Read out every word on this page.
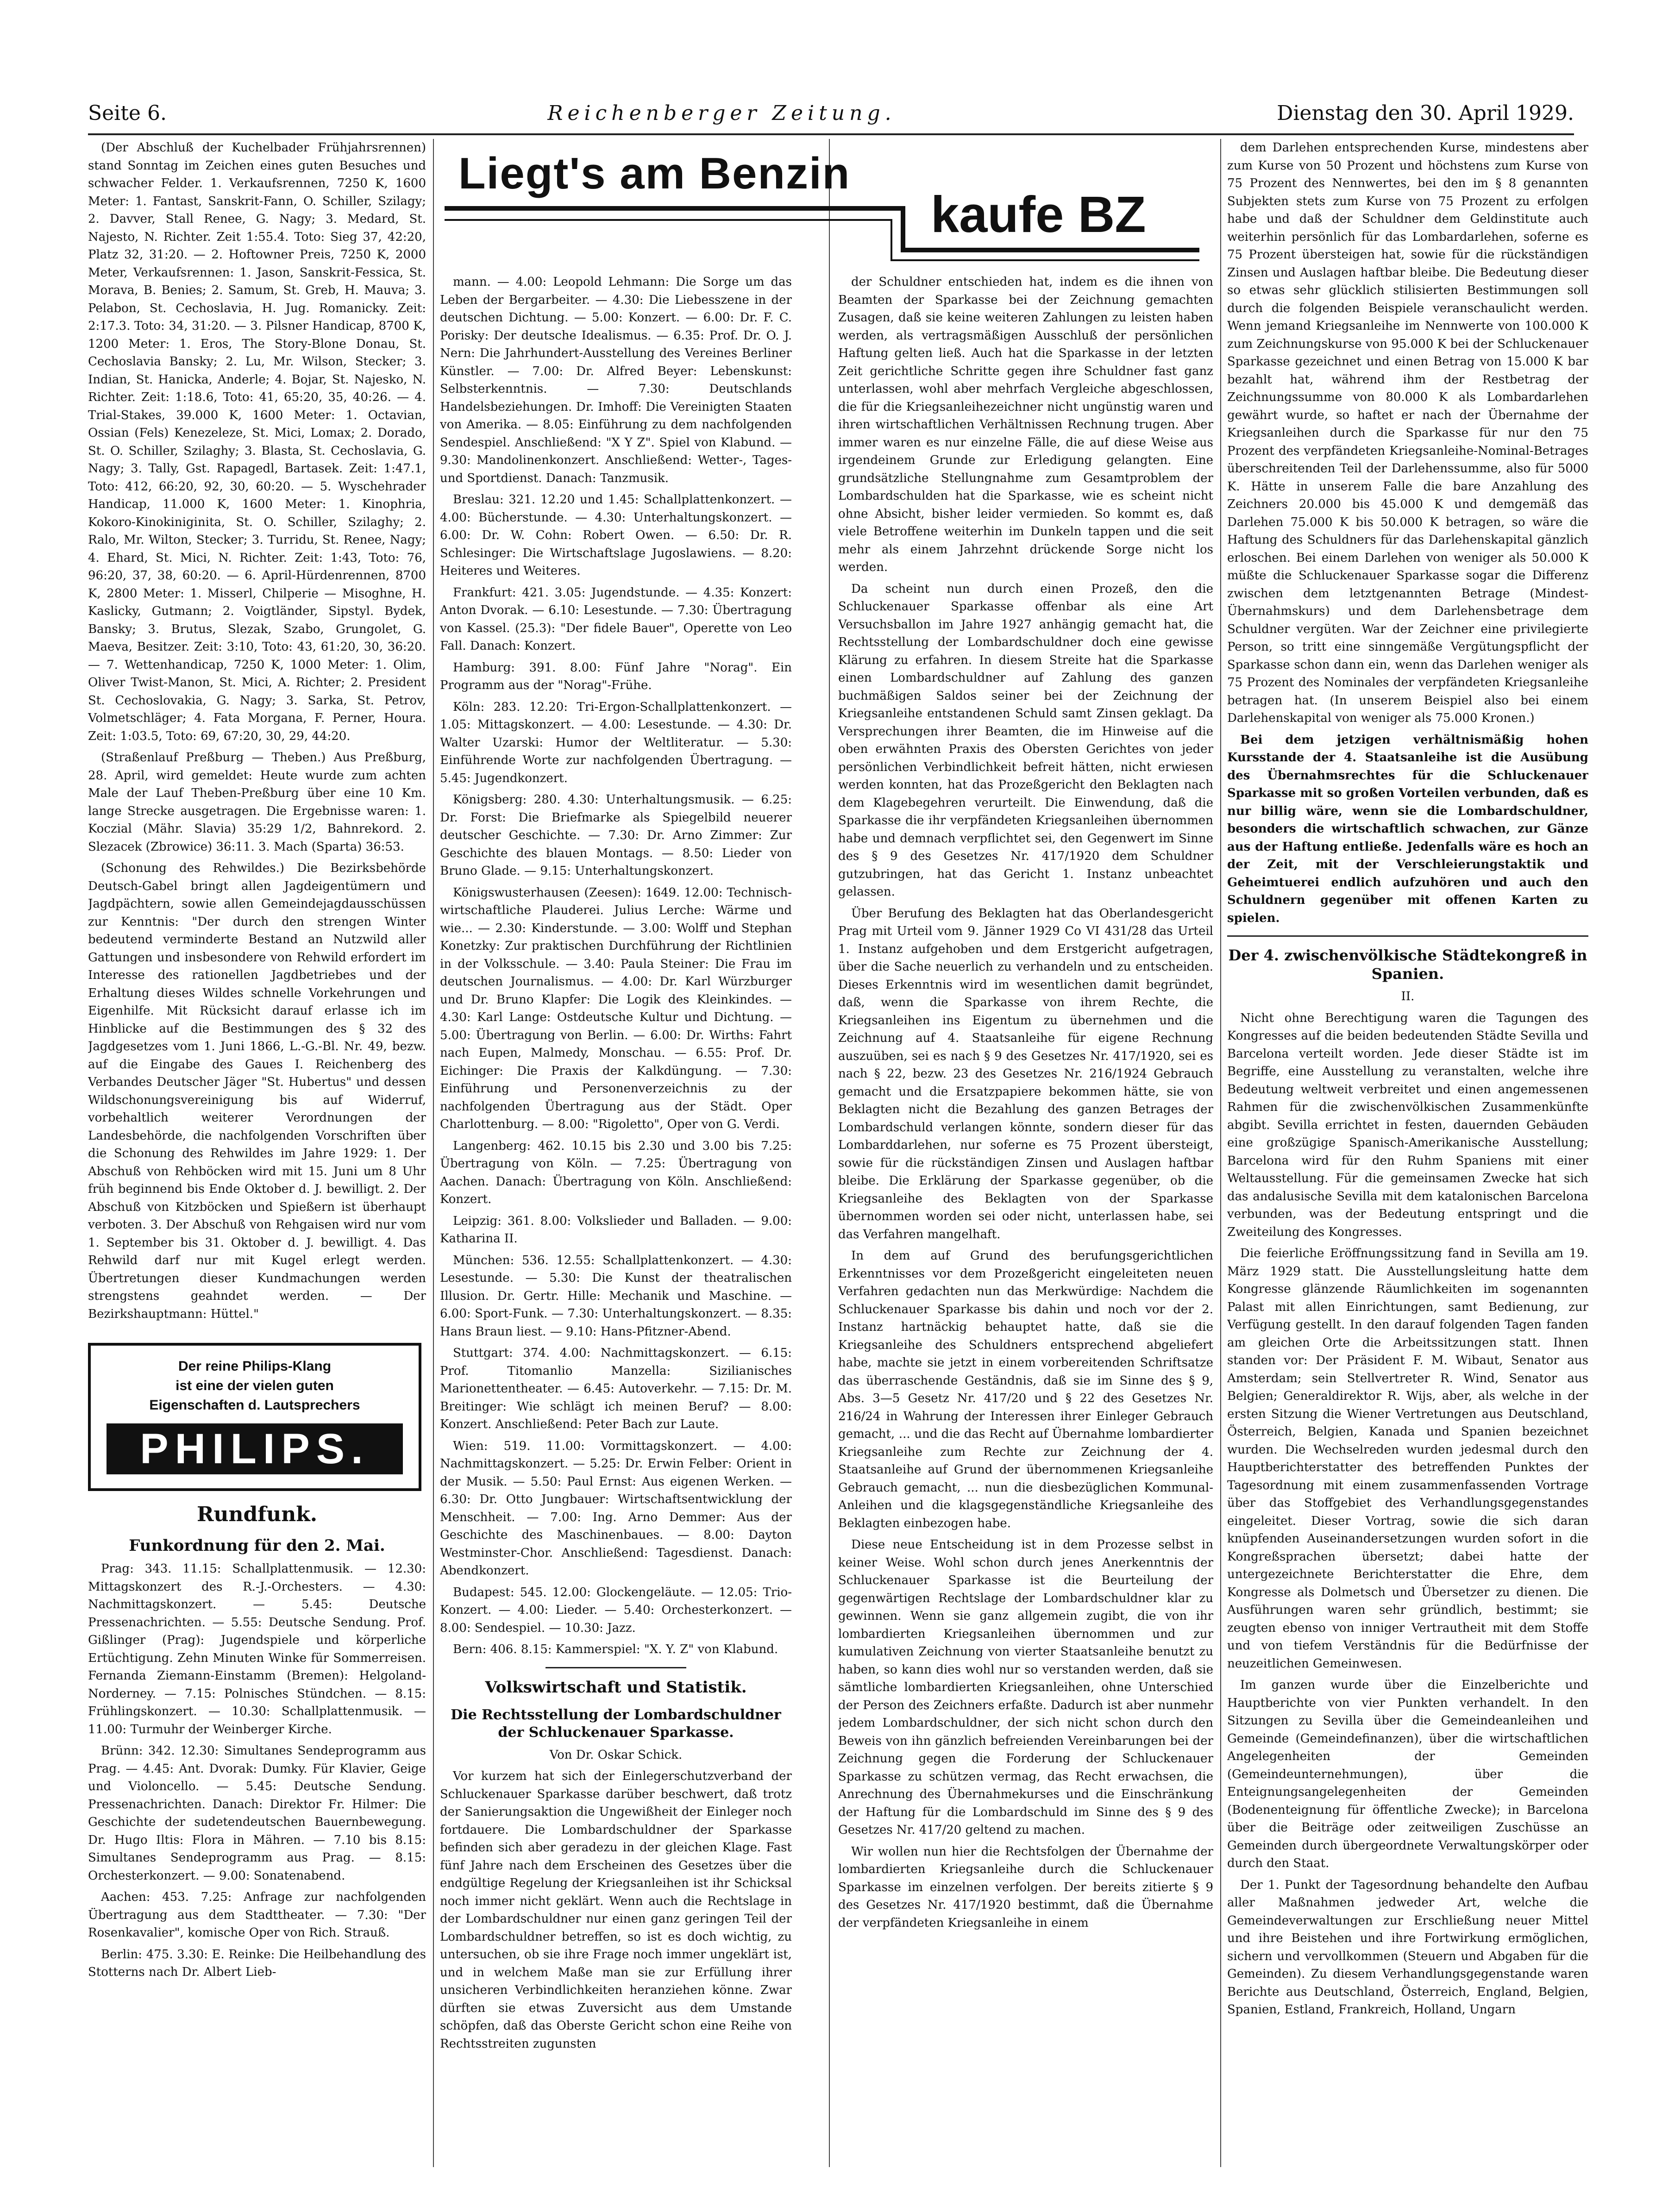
Seite 6.	Reichenberger Zeitung.	Dienstag den 30. April 1929.

(Der Abschluß der Kuchelbader Frühjahrsrennen) stand Sonntag im Zeichen eines guten Besuches und schwacher Felder. 1. Verkaufsrennen, 7250 K, 1600 Meter: 1. Fantast, Sanskrit-Fann, O. Schiller, Szilagy; 2. Davver, Stall Renee, G. Nagy; 3. Medard, St. Najesto, N. Richter. Zeit 1:55.4. Toto: Sieg 37, 42:20, Platz 32, 31:20. — 2. Hoftowner Preis, 7250 K, 2000 Meter, Verkaufsrennen: 1. Jason, Sanskrit-Fessica, St. Morava, B. Benies; 2. Samum, St. Greb, H. Mauva; 3. Pelabon, St. Cechoslavia, H. Jug. Romanicky. Zeit: 2:17.3. Toto: 34, 31:20. — 3. Pilsner Handicap, 8700 K, 1200 Meter: 1. Eros, The Story-Blone Donau, St. Cechoslavia Bansky; 2. Lu, Mr. Wilson, Stecker; 3. Indian, St. Hanicka, Anderle; 4. Bojar, St. Najesko, N. Richter. Zeit: 1:18.6, Toto: 41, 65:20, 35, 40:26. — 4. Trial-Stakes, 39.000 K, 1600 Meter: 1. Octavian, Ossian (Fels) Kenezeleze, St. Mici, Lomax; 2. Dorado, St. O. Schiller, Szilaghy; 3. Blasta, St. Cechoslavia, G. Nagy; 3. Tally, Gst. Rapagedl, Bartasek. Zeit: 1:47.1, Toto: 412, 66:20, 92, 30, 60:20. — 5. Wyschehrader Handicap, 11.000 K, 1600 Meter: 1. Kinophria, Kokoro-Kinokiniginita, St. O. Schiller, Szilaghy; 2. Ralo, Mr. Wilton, Stecker; 3. Turridu, St. Renee, Nagy; 4. Ehard, St. Mici, N. Richter. Zeit: 1:43, Toto: 76, 96:20, 37, 38, 60:20. — 6. April-Hürdenrennen, 8700 K, 2800 Meter: 1. Misserl, Chilperie — Misoghne, H. Kaslicky, Gutmann; 2. Voigtländer, Sipstyl. Bydek, Bansky; 3. Brutus, Slezak, Szabo, Grungolet, G. Maeva, Besitzer. Zeit: 3:10, Toto: 43, 61:20, 30, 36:20. — 7. Wettenhandicap, 7250 K, 1000 Meter: 1. Olim, Oliver Twist-Manon, St. Mici, A. Richter; 2. President St. Cechoslovakia, G. Nagy; 3. Sarka, St. Petrov, Volmetschläger; 4. Fata Morgana, F. Perner, Houra. Zeit: 1:03.5, Toto: 69, 67:20, 30, 29, 44:20.

(Straßenlauf Preßburg — Theben.) Aus Preßburg, 28. April, wird gemeldet: Heute wurde zum achten Male der Lauf Theben-Preßburg über eine 10 Km. lange Strecke ausgetragen. Die Ergebnisse waren: 1. Koczial (Mähr. Slavia) 35:29 1/2, Bahnrekord. 2. Slezacek (Zbrowice) 36:11. 3. Mach (Sparta) 36:53.

(Schonung des Rehwildes.) Die Bezirksbehörde Deutsch-Gabel bringt allen Jagdeigentümern und Jagdpächtern, sowie allen Gemeindejagdausschüssen zur Kenntnis: "Der durch den strengen Winter bedeutend verminderte Bestand an Nutzwild aller Gattungen und insbesondere von Rehwild erfordert im Interesse des rationellen Jagdbetriebes und der Erhaltung dieses Wildes schnelle Vorkehrungen und Eigenhilfe. Mit Rücksicht darauf erlasse ich im Hinblicke auf die Bestimmungen des § 32 des Jagdgesetzes vom 1. Juni 1866, L.-G.-Bl. Nr. 49, bezw. auf die Eingabe des Gaues I. Reichenberg des Verbandes Deutscher Jäger "St. Hubertus" und dessen Wildschonungsvereinigung bis auf Widerruf, vorbehaltlich weiterer Verordnungen der Landesbehörde, die nachfolgenden Vorschriften über die Schonung des Rehwildes im Jahre 1929: 1. Der Abschuß von Rehböcken wird mit 15. Juni um 8 Uhr früh beginnend bis Ende Oktober d. J. bewilligt. 2. Der Abschuß von Kitzböcken und Spießern ist überhaupt verboten. 3. Der Abschuß von Rehgaisen wird nur vom 1. September bis 31. Oktober d. J. bewilligt. 4. Das Rehwild darf nur mit Kugel erlegt werden. Übertretungen dieser Kundmachungen werden strengstens geahndet werden. — Der Bezirkshauptmann: Hüttel."

Rundfunk.
Funkordnung für den 2. Mai.

Prag: 343. 11.15: Schallplattenmusik. — 12.30: Mittagskonzert des R.-J.-Orchesters. — 4.30: Nachmittagskonzert. — 5.45: Deutsche Pressenachrichten. — 5.55: Deutsche Sendung. Prof. Gißlinger (Prag): Jugendspiele und körperliche Ertüchtigung. Zehn Minuten Winke für Sommerreisen. Fernanda Ziemann-Einstamm (Bremen): Helgoland-Norderney. — 7.15: Polnisches Stündchen. — 8.15: Frühlingskonzert. — 10.30: Schallplattenmusik. — 11.00: Turmuhr der Weinberger Kirche.

Brünn: 342. 12.30: Simultanes Sendeprogramm aus Prag. — 4.45: Ant. Dvorak: Dumky. Für Klavier, Geige und Violoncello. — 5.45: Deutsche Sendung. Pressenachrichten. Danach: Direktor Fr. Hilmer: Die Geschichte der sudetendeutschen Bauernbewegung. Dr. Hugo Iltis: Flora in Mähren. — 7.10 bis 8.15: Simultanes Sendeprogramm aus Prag. — 8.15: Orchesterkonzert. — 9.00: Sonatenabend.

Aachen: 453. 7.25: Anfrage zur nachfolgenden Übertragung aus dem Stadttheater. — 7.30: "Der Rosenkavalier", komische Oper von Rich. Strauß.

Berlin: 475. 3.30: E. Reinke: Die Heilbehandlung des Stotterns nach Dr. Albert Lieb-

Der reine Philips-Klang
ist eine der vielen guten
Eigenschaften d. Lautsprechers
PHILIPS.
Liegt's am Benzin
kaufe BZ

mann. — 4.00: Leopold Lehmann: Die Sorge um das Leben der Bergarbeiter. — 4.30: Die Liebesszene in der deutschen Dichtung. — 5.00: Konzert. — 6.00: Dr. F. C. Porisky: Der deutsche Idealismus. — 6.35: Prof. Dr. O. J. Nern: Die Jahrhundert-Ausstellung des Vereines Berliner Künstler. — 7.00: Dr. Alfred Beyer: Lebenskunst: Selbsterkenntnis. — 7.30: Deutschlands Handelsbeziehungen. Dr. Imhoff: Die Vereinigten Staaten von Amerika. — 8.05: Einführung zu dem nachfolgenden Sendespiel. Anschließend: "X Y Z". Spiel von Klabund. — 9.30: Mandolinenkonzert. Anschließend: Wetter-, Tages- und Sportdienst. Danach: Tanzmusik.

Breslau: 321. 12.20 und 1.45: Schallplattenkonzert. — 4.00: Bücherstunde. — 4.30: Unterhaltungskonzert. — 6.00: Dr. W. Cohn: Robert Owen. — 6.50: Dr. R. Schlesinger: Die Wirtschaftslage Jugoslawiens. — 8.20: Heiteres und Weiteres.

Frankfurt: 421. 3.05: Jugendstunde. — 4.35: Konzert: Anton Dvorak. — 6.10: Lesestunde. — 7.30: Übertragung von Kassel. (25.3): "Der fidele Bauer", Operette von Leo Fall. Danach: Konzert.

Hamburg: 391. 8.00: Fünf Jahre "Norag". Ein Programm aus der "Norag"-Frühe.

Köln: 283. 12.20: Tri-Ergon-Schallplattenkonzert. — 1.05: Mittagskonzert. — 4.00: Lesestunde. — 4.30: Dr. Walter Uzarski: Humor der Weltliteratur. — 5.30: Einführende Worte zur nachfolgenden Übertragung. — 5.45: Jugendkonzert.

Königsberg: 280. 4.30: Unterhaltungsmusik. — 6.25: Dr. Forst: Die Briefmarke als Spiegelbild neuerer deutscher Geschichte. — 7.30: Dr. Arno Zimmer: Zur Geschichte des blauen Montags. — 8.50: Lieder von Bruno Glade. — 9.15: Unterhaltungskonzert.

Königswusterhausen (Zeesen): 1649. 12.00: Technisch-wirtschaftliche Plauderei. Julius Lerche: Wärme und wie... — 2.30: Kinderstunde. — 3.00: Wolff und Stephan Konetzky: Zur praktischen Durchführung der Richtlinien in der Volksschule. — 3.40: Paula Steiner: Die Frau im deutschen Journalismus. — 4.00: Dr. Karl Würzburger und Dr. Bruno Klapfer: Die Logik des Kleinkindes. — 4.30: Karl Lange: Ostdeutsche Kultur und Dichtung. — 5.00: Übertragung von Berlin. — 6.00: Dr. Wirths: Fahrt nach Eupen, Malmedy, Monschau. — 6.55: Prof. Dr. Eichinger: Die Praxis der Kalkdüngung. — 7.30: Einführung und Personenverzeichnis zu der nachfolgenden Übertragung aus der Städt. Oper Charlottenburg. — 8.00: "Rigoletto", Oper von G. Verdi.

Langenberg: 462. 10.15 bis 2.30 und 3.00 bis 7.25: Übertragung von Köln. — 7.25: Übertragung von Aachen. Danach: Übertragung von Köln. Anschließend: Konzert.

Leipzig: 361. 8.00: Volkslieder und Balladen. — 9.00: Katharina II.

München: 536. 12.55: Schallplattenkonzert. — 4.30: Lesestunde. — 5.30: Die Kunst der theatralischen Illusion. Dr. Gertr. Hille: Mechanik und Maschine. — 6.00: Sport-Funk. — 7.30: Unterhaltungskonzert. — 8.35: Hans Braun liest. — 9.10: Hans-Pfitzner-Abend.

Stuttgart: 374. 4.00: Nachmittagskonzert. — 6.15: Prof. Titomanlio Manzella: Sizilianisches Marionettentheater. — 6.45: Autoverkehr. — 7.15: Dr. M. Breitinger: Wie schlägt ich meinen Beruf? — 8.00: Konzert. Anschließend: Peter Bach zur Laute.

Wien: 519. 11.00: Vormittagskonzert. — 4.00: Nachmittagskonzert. — 5.25: Dr. Erwin Felber: Orient in der Musik. — 5.50: Paul Ernst: Aus eigenen Werken. — 6.30: Dr. Otto Jungbauer: Wirtschaftsentwicklung der Menschheit. — 7.00: Ing. Arno Demmer: Aus der Geschichte des Maschinenbaues. — 8.00: Dayton Westminster-Chor. Anschließend: Tagesdienst. Danach: Abendkonzert.

Budapest: 545. 12.00: Glockengeläute. — 12.05: Trio-Konzert. — 4.00: Lieder. — 5.40: Orchesterkonzert. — 8.00: Sendespiel. — 10.30: Jazz.

Bern: 406. 8.15: Kammerspiel: "X. Y. Z" von Klabund.

Volkswirtschaft und Statistik.
Die Rechtsstellung der Lombardschuldner der Schluckenauer Sparkasse.

Von Dr. Oskar Schick.

Vor kurzem hat sich der Einlegerschutzverband der Schluckenauer Sparkasse darüber beschwert, daß trotz der Sanierungsaktion die Ungewißheit der Einleger noch fortdauere. Die Lombardschuldner der Sparkasse befinden sich aber geradezu in der gleichen Klage. Fast fünf Jahre nach dem Erscheinen des Gesetzes über die endgültige Regelung der Kriegsanleihen ist ihr Schicksal noch immer nicht geklärt. Wenn auch die Rechtslage in der Lombardschuldner nur einen ganz geringen Teil der Lombardschuldner betreffen, so ist es doch wichtig, zu untersuchen, ob sie ihre Frage noch immer ungeklärt ist, und in welchem Maße man sie zur Erfüllung ihrer unsicheren Verbindlichkeiten heranziehen könne. Zwar dürften sie etwas Zuversicht aus dem Umstande schöpfen, daß das Oberste Gericht schon eine Reihe von Rechtsstreiten zugunsten

der Schuldner entschieden hat, indem es die ihnen von Beamten der Sparkasse bei der Zeichnung gemachten Zusagen, daß sie keine weiteren Zahlungen zu leisten haben werden, als vertragsmäßigen Ausschluß der persönlichen Haftung gelten ließ. Auch hat die Sparkasse in der letzten Zeit gerichtliche Schritte gegen ihre Schuldner fast ganz unterlassen, wohl aber mehrfach Vergleiche abgeschlossen, die für die Kriegsanleihezeichner nicht ungünstig waren und ihren wirtschaftlichen Verhältnissen Rechnung trugen. Aber immer waren es nur einzelne Fälle, die auf diese Weise aus irgendeinem Grunde zur Erledigung gelangten. Eine grundsätzliche Stellungnahme zum Gesamtproblem der Lombardschulden hat die Sparkasse, wie es scheint nicht ohne Absicht, bisher leider vermieden. So kommt es, daß viele Betroffene weiterhin im Dunkeln tappen und die seit mehr als einem Jahrzehnt drückende Sorge nicht los werden.

Da scheint nun durch einen Prozeß, den die Schluckenauer Sparkasse offenbar als eine Art Versuchsballon im Jahre 1927 anhängig gemacht hat, die Rechtsstellung der Lombardschuldner doch eine gewisse Klärung zu erfahren. In diesem Streite hat die Sparkasse einen Lombardschuldner auf Zahlung des ganzen buchmäßigen Saldos seiner bei der Zeichnung der Kriegsanleihe entstandenen Schuld samt Zinsen geklagt. Da Versprechungen ihrer Beamten, die im Hinweise auf die oben erwähnten Praxis des Obersten Gerichtes von jeder persönlichen Verbindlichkeit befreit hätten, nicht erwiesen werden konnten, hat das Prozeßgericht den Beklagten nach dem Klagebegehren verurteilt. Die Einwendung, daß die Sparkasse die ihr verpfändeten Kriegsanleihen übernommen habe und demnach verpflichtet sei, den Gegenwert im Sinne des § 9 des Gesetzes Nr. 417/1920 dem Schuldner gutzubringen, hat das Gericht 1. Instanz unbeachtet gelassen.

Über Berufung des Beklagten hat das Oberlandesgericht Prag mit Urteil vom 9. Jänner 1929 Co VI 431/28 das Urteil 1. Instanz aufgehoben und dem Erstgericht aufgetragen, über die Sache neuerlich zu verhandeln und zu entscheiden. Dieses Erkenntnis wird im wesentlichen damit begründet, daß, wenn die Sparkasse von ihrem Rechte, die Kriegsanleihen ins Eigentum zu übernehmen und die Zeichnung auf 4. Staatsanleihe für eigene Rechnung auszuüben, sei es nach § 9 des Gesetzes Nr. 417/1920, sei es nach § 22, bezw. 23 des Gesetzes Nr. 216/1924 Gebrauch gemacht und die Ersatzpapiere bekommen hätte, sie von Beklagten nicht die Bezahlung des ganzen Betrages der Lombardschuld verlangen könnte, sondern dieser für das Lombarddarlehen, nur soferne es 75 Prozent übersteigt, sowie für die rückständigen Zinsen und Auslagen haftbar bleibe. Die Erklärung der Sparkasse gegenüber, ob die Kriegsanleihe des Beklagten von der Sparkasse übernommen worden sei oder nicht, unterlassen habe, sei das Verfahren mangelhaft.

In dem auf Grund des berufungsgerichtlichen Erkenntnisses vor dem Prozeßgericht eingeleiteten neuen Verfahren gedachten nun das Merkwürdige: Nachdem die Schluckenauer Sparkasse bis dahin und noch vor der 2. Instanz hartnäckig behauptet hatte, daß sie die Kriegsanleihe des Schuldners entsprechend abgeliefert habe, machte sie jetzt in einem vorbereitenden Schriftsatze das überraschende Geständnis, daß sie im Sinne des § 9, Abs. 3—5 Gesetz Nr. 417/20 und § 22 des Gesetzes Nr. 216/24 in Wahrung der Interessen ihrer Einleger Gebrauch gemacht, ... und die das Recht auf Übernahme lombardierter Kriegsanleihe zum Rechte zur Zeichnung der 4. Staatsanleihe auf Grund der übernommenen Kriegsanleihe Gebrauch gemacht, ... nun die diesbezüglichen Kommunal-Anleihen und die klagsgegenständliche Kriegsanleihe des Beklagten einbezogen habe.

Diese neue Entscheidung ist in dem Prozesse selbst in keiner Weise. Wohl schon durch jenes Anerkenntnis der Schluckenauer Sparkasse ist die Beurteilung der gegenwärtigen Rechtslage der Lombardschuldner klar zu gewinnen. Wenn sie ganz allgemein zugibt, die von ihr lombardierten Kriegsanleihen übernommen und zur kumulativen Zeichnung von vierter Staatsanleihe benutzt zu haben, so kann dies wohl nur so verstanden werden, daß sie sämtliche lombardierten Kriegsanleihen, ohne Unterschied der Person des Zeichners erfaßte. Dadurch ist aber nunmehr jedem Lombardschuldner, der sich nicht schon durch den Beweis von ihn gänzlich befreienden Vereinbarungen bei der Zeichnung gegen die Forderung der Schluckenauer Sparkasse zu schützen vermag, das Recht erwachsen, die Anrechnung des Übernahmekurses und die Einschränkung der Haftung für die Lombardschuld im Sinne des § 9 des Gesetzes Nr. 417/20 geltend zu machen.

Wir wollen nun hier die Rechtsfolgen der Übernahme der lombardierten Kriegsanleihe durch die Schluckenauer Sparkasse im einzelnen verfolgen. Der bereits zitierte § 9 des Gesetzes Nr. 417/1920 bestimmt, daß die Übernahme der verpfändeten Kriegsanleihe in einem

dem Darlehen entsprechenden Kurse, mindestens aber zum Kurse von 50 Prozent und höchstens zum Kurse von 75 Prozent des Nennwertes, bei den im § 8 genannten Subjekten stets zum Kurse von 75 Prozent zu erfolgen habe und daß der Schuldner dem Geldinstitute auch weiterhin persönlich für das Lombardarlehen, soferne es 75 Prozent übersteigen hat, sowie für die rückständigen Zinsen und Auslagen haftbar bleibe. Die Bedeutung dieser so etwas sehr glücklich stilisierten Bestimmungen soll durch die folgenden Beispiele veranschaulicht werden. Wenn jemand Kriegsanleihe im Nennwerte von 100.000 K zum Zeichnungskurse von 95.000 K bei der Schluckenauer Sparkasse gezeichnet und einen Betrag von 15.000 K bar bezahlt hat, während ihm der Restbetrag der Zeichnungssumme von 80.000 K als Lombardarlehen gewährt wurde, so haftet er nach der Übernahme der Kriegsanleihen durch die Sparkasse für nur den 75 Prozent des verpfändeten Kriegsanleihe-Nominal-Betrages überschreitenden Teil der Darlehenssumme, also für 5000 K. Hätte in unserem Falle die bare Anzahlung des Zeichners 20.000 bis 45.000 K und demgemäß das Darlehen 75.000 K bis 50.000 K betragen, so wäre die Haftung des Schuldners für das Darlehenskapital gänzlich erloschen. Bei einem Darlehen von weniger als 50.000 K müßte die Schluckenauer Sparkasse sogar die Differenz zwischen dem letztgenannten Betrage (Mindest-Übernahmskurs) und dem Darlehensbetrage dem Schuldner vergüten. War der Zeichner eine privilegierte Person, so tritt eine sinngemäße Vergütungspflicht der Sparkasse schon dann ein, wenn das Darlehen weniger als 75 Prozent des Nominales der verpfändeten Kriegsanleihe betragen hat. (In unserem Beispiel also bei einem Darlehenskapital von weniger als 75.000 Kronen.)

Bei dem jetzigen verhältnismäßig hohen Kursstande der 4. Staatsanleihe ist die Ausübung des Übernahmsrechtes für die Schluckenauer Sparkasse mit so großen Vorteilen verbunden, daß es nur billig wäre, wenn sie die Lombardschuldner, besonders die wirtschaftlich schwachen, zur Gänze aus der Haftung entließe. Jedenfalls wäre es hoch an der Zeit, mit der Verschleierungstaktik und Geheimtuerei endlich aufzuhören und auch den Schuldnern gegenüber mit offenen Karten zu spielen.

Der 4. zwischenvölkische Städtekongreß in Spanien.

II.

Nicht ohne Berechtigung waren die Tagungen des Kongresses auf die beiden bedeutenden Städte Sevilla und Barcelona verteilt worden. Jede dieser Städte ist im Begriffe, eine Ausstellung zu veranstalten, welche ihre Bedeutung weltweit verbreitet und einen angemessenen Rahmen für die zwischenvölkischen Zusammenkünfte abgibt. Sevilla errichtet in festen, dauernden Gebäuden eine großzügige Spanisch-Amerikanische Ausstellung; Barcelona wird für den Ruhm Spaniens mit einer Weltausstellung. Für die gemeinsamen Zwecke hat sich das andalusische Sevilla mit dem katalonischen Barcelona verbunden, was der Bedeutung entspringt und die Zweiteilung des Kongresses.

Die feierliche Eröffnungssitzung fand in Sevilla am 19. März 1929 statt. Die Ausstellungsleitung hatte dem Kongresse glänzende Räumlichkeiten im sogenannten Palast mit allen Einrichtungen, samt Bedienung, zur Verfügung gestellt. In den darauf folgenden Tagen fanden am gleichen Orte die Arbeitssitzungen statt. Ihnen standen vor: Der Präsident F. M. Wibaut, Senator aus Amsterdam; sein Stellvertreter R. Wind, Senator aus Belgien; Generaldirektor R. Wijs, aber, als welche in der ersten Sitzung die Wiener Vertretungen aus Deutschland, Österreich, Belgien, Kanada und Spanien bezeichnet wurden. Die Wechselreden wurden jedesmal durch den Hauptberichterstatter des betreffenden Punktes der Tagesordnung mit einem zusammenfassenden Vortrage über das Stoffgebiet des Verhandlungsgegenstandes eingeleitet. Dieser Vortrag, sowie die sich daran knüpfenden Auseinandersetzungen wurden sofort in die Kongreßsprachen übersetzt; dabei hatte der untergezeichnete Berichterstatter die Ehre, dem Kongresse als Dolmetsch und Übersetzer zu dienen. Die Ausführungen waren sehr gründlich, bestimmt; sie zeugten ebenso von inniger Vertrautheit mit dem Stoffe und von tiefem Verständnis für die Bedürfnisse der neuzeitlichen Gemeinwesen.

Im ganzen wurde über die Einzelberichte und Hauptberichte von vier Punkten verhandelt. In den Sitzungen zu Sevilla über die Gemeindeanleihen und Gemeinde (Gemeindefinanzen), über die wirtschaftlichen Angelegenheiten der Gemeinden (Gemeindeunternehmungen), über die Enteignungsangelegenheiten der Gemeinden (Bodenenteignung für öffentliche Zwecke); in Barcelona über die Beiträge oder zeitweiligen Zuschüsse an Gemeinden durch übergeordnete Verwaltungskörper oder durch den Staat.

Der 1. Punkt der Tagesordnung behandelte den Aufbau aller Maßnahmen jedweder Art, welche die Gemeindeverwaltungen zur Erschließung neuer Mittel und ihre Beistehen und ihre Fortwirkung ermöglichen, sichern und vervollkommen (Steuern und Abgaben für die Gemeinden). Zu diesem Verhandlungsgegenstande waren Berichte aus Deutschland, Österreich, England, Belgien, Spanien, Estland, Frankreich, Holland, Ungarn
